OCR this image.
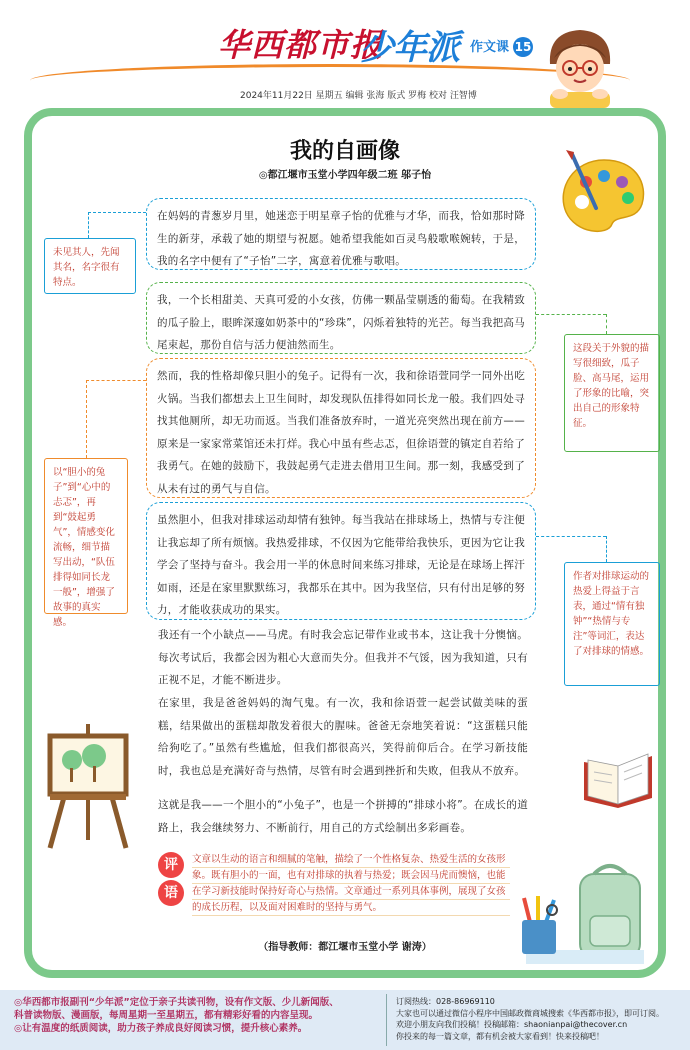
华西都市报
少年派 作文课 15
2024年11月22日 星期五 编辑 张海 版式 罗梅 校对 汪智博
我的自画像
◎都江堰市玉堂小学四年级二班 邬子怡
在妈妈的青葱岁月里，她迷恋于明星章子怡的优雅与才华，而我，恰如那时降生的新芽，承载了她的期望与祝愿。她希望我能如百灵鸟般歌喉婉转，于是，我的名字中便有了“子怡”二字，寓意着优雅与歌唱。
我，一个长相甜美、天真可爱的小女孩，仿佛一颗晶莹剔透的葡萄。在我精致的瓜子脸上，眼眸深邃如奶茶中的“珍珠”，闪烁着独特的光芒。每当我把高马尾束起，那份自信与活力便油然而生。
然而，我的性格却像只胆小的兔子。记得有一次，我和徐语萱同学一同外出吃火锅。当我们都想去上卫生间时，却发现队伍排得如同长龙一般。我们四处寻找其他厕所，却无功而返。当我们准备放弃时，一道光亮突然出现在前方——原来是一家家常菜馆还未打烊。我心中虽有些忐忑，但徐语萱的镇定自若给了我勇气。在她的鼓励下，我鼓起勇气走进去借用卫生间。那一刻，我感受到了从未有过的勇气与自信。
虽然胆小，但我对排球运动却情有独钟。每当我站在排球场上，热情与专注便让我忘却了所有烦恼。我热爱排球，不仅因为它能带给我快乐，更因为它让我学会了坚持与奋斗。我会用一半的休息时间来练习排球，无论是在球场上挥汗如雨，还是在家里默默练习，我都乐在其中。因为我坚信，只有付出足够的努力，才能收获成功的果实。
我还有一个小缺点——马虎。有时我会忘记带作业或书本，这让我十分懊恼。每次考试后，我都会因为粗心大意而失分。但我并不气馁，因为我知道，只有正视不足，才能不断进步。
在家里，我是爸爸妈妈的淘气鬼。有一次，我和徐语萱一起尝试做美味的蛋糕，结果做出的蛋糕却散发着很大的腥味。爸爸无奈地笑着说：“这蛋糕只能给狗吃了。”虽然有些尴尬，但我们都很高兴，笑得前仰后合。在学习新技能时，我也总是充满好奇与热情，尽管有时会遇到挫折和失败，但我从不放弃。
这就是我——一个胆小的“小兔子”，也是一个拼搏的“排球小将”。在成长的道路上，我会继续努力、不断前行，用自己的方式绘制出多彩画卷。
未见其人，先闻其名，名字很有特点。
这段关于外貌的描写很细致，瓜子脸、高马尾，运用了形象的比喻，突出自己的形象特征。
以“胆小的兔子”到“心中的忐忑”，再到“鼓起勇气”，情感变化流畅，细节描写出动，“队伍排得如同长龙一般”，增强了故事的真实感。
作者对排球运动的热爱上得益于言表，通过“情有独钟”“热情与专注”等词汇，表达了对排球的情感。
评
语
文章以生动的语言和细腻的笔触，描绘了一个性格复杂、热爱生活的女孩形象。既有胆小的一面，也有对排球的执着与热爱；既会因马虎而懊恼，也能在学习新技能时保持好奇心与热情。文章通过一系列具体事例，展现了女孩的成长历程，以及面对困难时的坚持与勇气。
（指导教师：都江堰市玉堂小学 谢涛）
◎华西都市报副刊“少年派”定位于亲子共读刊物，设有作文版、少儿新闻版、
科普读物版、漫画版，每周星期一至星期五，都有精彩好看的内容呈现。
◎让有温度的纸质阅读，助力孩子养成良好阅读习惯，提升核心素养。
订阅热线：028-86969110
大家也可以通过微信小程序中国邮政微商城搜索《华西都市报》，即可订阅。
欢迎小朋友向我们投稿！投稿邮箱：shaonianpai@thecover.cn
你投来的每一篇文章，都有机会被大家看到！快来投稿吧！
